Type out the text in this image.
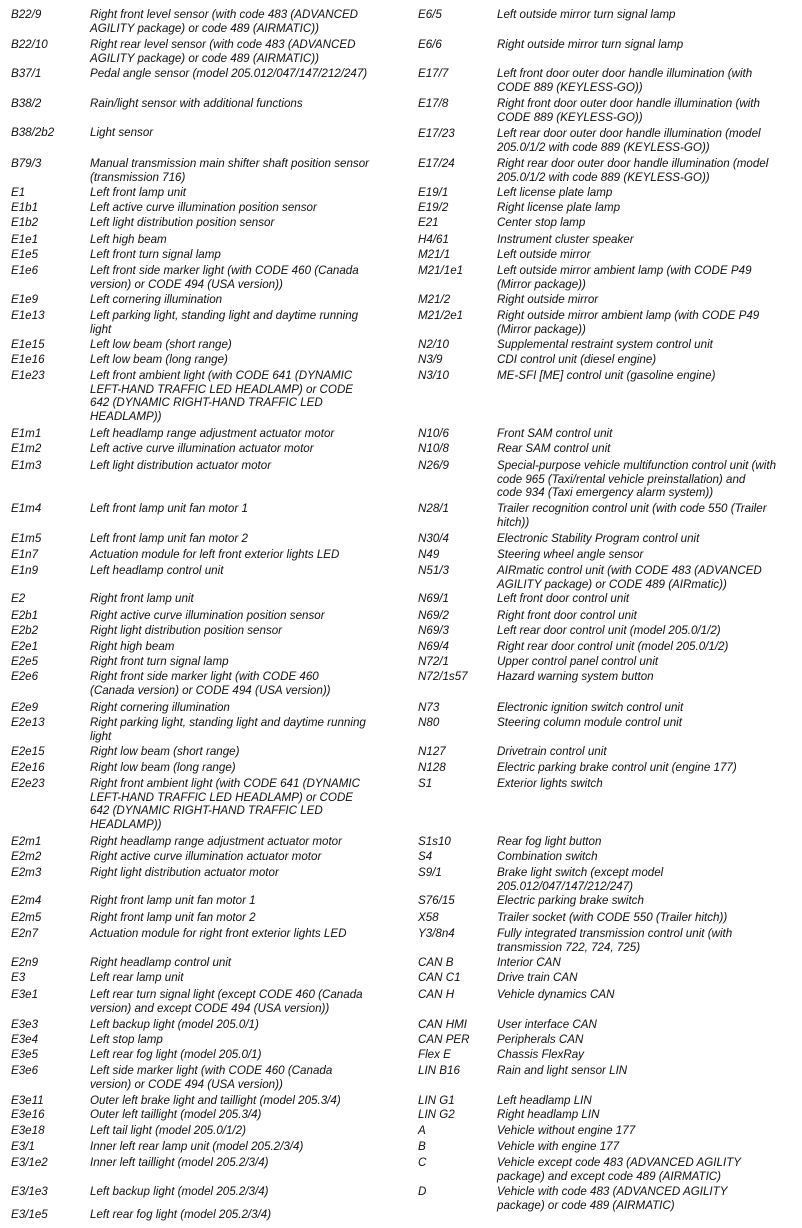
B22/9	Right front level sensor (with code 483 (ADVANCED
AGILITY package) or code 489 (AIRMATIC))
B22/10	Right rear level sensor (with code 483 (ADVANCED
AGILITY package) or code 489 (AIRMATIC))
B37/1	Pedal angle sensor (model 205.012/047/147/212/247)
B38/2	Rain/light sensor with additional functions
B38/2b2	Light sensor
B79/3	Manual transmission main shifter shaft position sensor
(transmission 716)
E1	Left front lamp unit
E1b1	Left active curve illumination position sensor
E1b2	Left light distribution position sensor
E1e1	Left high beam
E1e5	Left front turn signal lamp
E1e6	Left front side marker light (with CODE 460 (Canada
version) or CODE 494 (USA version))
E1e9	Left cornering illumination
E1e13	Left parking light, standing light and daytime running
light
E1e15	Left low beam (short range)
E1e16	Left low beam (long range)
E1e23	Left front ambient light (with CODE 641 (DYNAMIC
LEFT-HAND TRAFFIC LED HEADLAMP) or CODE
642 (DYNAMIC RIGHT-HAND TRAFFIC LED
HEADLAMP))
E1m1	Left headlamp range adjustment actuator motor
E1m2	Left active curve illumination actuator motor
E1m3	Left light distribution actuator motor
E1m4	Left front lamp unit fan motor 1
E1m5	Left front lamp unit fan motor 2
E1n7	Actuation module for left front exterior lights LED
E1n9	Left headlamp control unit
E2	Right front lamp unit
E2b1	Right active curve illumination position sensor
E2b2	Right light distribution position sensor
E2e1	Right high beam
E2e5	Right front turn signal lamp
E2e6	Right front side marker light (with CODE 460
(Canada version) or CODE 494 (USA version))
E2e9	Right cornering illumination
E2e13	Right parking light, standing light and daytime running
light
E2e15	Right low beam (short range)
E2e16	Right low beam (long range)
E2e23	Right front ambient light (with CODE 641 (DYNAMIC
LEFT-HAND TRAFFIC LED HEADLAMP) or CODE
642 (DYNAMIC RIGHT-HAND TRAFFIC LED
HEADLAMP))
E2m1	Right headlamp range adjustment actuator motor
E2m2	Right active curve illumination actuator motor
E2m3	Right light distribution actuator motor
E2m4	Right front lamp unit fan motor 1
E2m5	Right front lamp unit fan motor 2
E2n7	Actuation module for right front exterior lights LED
E2n9	Right headlamp control unit
E3	Left rear lamp unit
E3e1	Left rear turn signal light (except CODE 460 (Canada
version) and except CODE 494 (USA version))
E3e3	Left backup light (model 205.0/1)
E3e4	Left stop lamp
E3e5	Left rear fog light (model 205.0/1)
E3e6	Left side marker light (with CODE 460 (Canada
version) or CODE 494 (USA version))
E3e11	Outer left brake light and taillight (model 205.3/4)
E3e16	Outer left taillight (model 205.3/4)
E3e18	Left tail light (model 205.0/1/2)
E3/1	Inner left rear lamp unit (model 205.2/3/4)
E3/1e2	Inner left taillight (model 205.2/3/4)
E3/1e3	Left backup light (model 205.2/3/4)
E3/1e5	Left rear fog light (model 205.2/3/4)
E6/5	Left outside mirror turn signal lamp
E6/6	Right outside mirror turn signal lamp
E17/7	Left front door outer door handle illumination (with
CODE 889 (KEYLESS-GO))
E17/8	Right front door outer door handle illumination (with
CODE 889 (KEYLESS-GO))
E17/23	Left rear door outer door handle illumination (model
205.0/1/2 with code 889 (KEYLESS-GO))
E17/24	Right rear door outer door handle illumination (model
205.0/1/2 with code 889 (KEYLESS-GO))
E19/1	Left license plate lamp
E19/2	Right license plate lamp
E21	Center stop lamp
H4/61	Instrument cluster speaker
M21/1	Left outside mirror
M21/1e1	Left outside mirror ambient lamp (with CODE P49
(Mirror package))
M21/2	Right outside mirror
M21/2e1	Right outside mirror ambient lamp (with CODE P49
(Mirror package))
N2/10	Supplemental restraint system control unit
N3/9	CDI control unit (diesel engine)
N3/10	ME-SFI [ME] control unit (gasoline engine)
N10/6	Front SAM control unit
N10/8	Rear SAM control unit
N26/9	Special-purpose vehicle multifunction control unit (with
code 965 (Taxi/rental vehicle preinstallation) and
code 934 (Taxi emergency alarm system))
N28/1	Trailer recognition control unit (with code 550 (Trailer
hitch))
N30/4	Electronic Stability Program control unit
N49	Steering wheel angle sensor
N51/3	AIRmatic control unit (with CODE 483 (ADVANCED
AGILITY package) or CODE 489 (AIRmatic))
N69/1	Left front door control unit
N69/2	Right front door control unit
N69/3	Left rear door control unit (model 205.0/1/2)
N69/4	Right rear door control unit (model 205.0/1/2)
N72/1	Upper control panel control unit
N72/1s57	Hazard warning system button
N73	Electronic ignition switch control unit
N80	Steering column module control unit
N127	Drivetrain control unit
N128	Electric parking brake control unit (engine 177)
S1	Exterior lights switch
S1s10	Rear fog light button
S4	Combination switch
S9/1	Brake light switch (except model
205.012/047/147/212/247)
S76/15	Electric parking brake switch
X58	Trailer socket (with CODE 550 (Trailer hitch))
Y3/8n4	Fully integrated transmission control unit (with
transmission 722, 724, 725)
CAN B	Interior CAN
CAN C1	Drive train CAN
CAN H	Vehicle dynamics CAN
CAN HMI	User interface CAN
CAN PER Peripherals CAN
Flex E	Chassis FlexRay
LIN B16	Rain and light sensor LIN
LIN G1	Left headlamp LIN
LIN G2	Right headlamp LIN
A	Vehicle without engine 177
B	Vehicle with engine 177
C	Vehicle except code 483 (ADVANCED AGILITY
package) and except code 489 (AIRMATIC)
D	Vehicle with code 483 (ADVANCED AGILITY
package) or code 489 (AIRMATIC)
